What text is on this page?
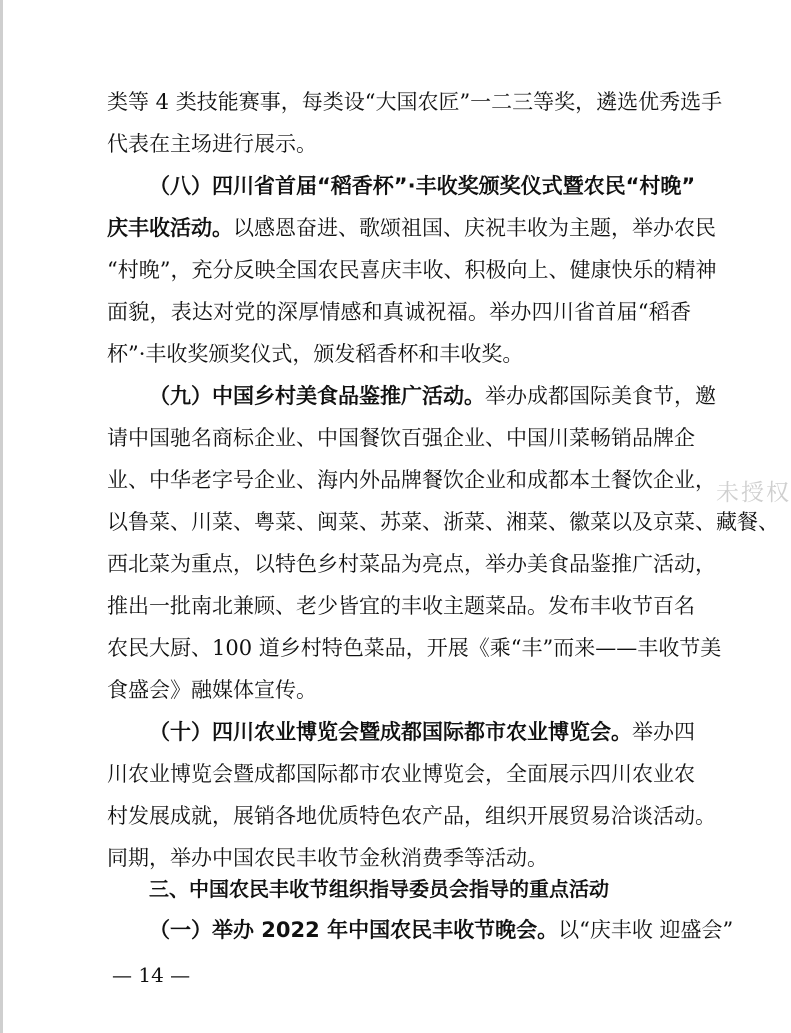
未授权
类等 4 类技能赛事，每类设“大国农匠”一二三等奖，遴选优秀选手
代表在主场进行展示。
（八）四川省首届“稻香杯”·丰收奖颁奖仪式暨农民“村晚”
庆丰收活动。以感恩奋进、歌颂祖国、庆祝丰收为主题，举办农民
“村晚”，充分反映全国农民喜庆丰收、积极向上、健康快乐的精神
面貌，表达对党的深厚情感和真诚祝福。举办四川省首届“稻香
杯”·丰收奖颁奖仪式，颁发稻香杯和丰收奖。
（九）中国乡村美食品鉴推广活动。举办成都国际美食节，邀
请中国驰名商标企业、中国餐饮百强企业、中国川菜畅销品牌企
业、中华老字号企业、海内外品牌餐饮企业和成都本土餐饮企业，
以鲁菜、川菜、粤菜、闽菜、苏菜、浙菜、湘菜、徽菜以及京菜、藏餐、
西北菜为重点，以特色乡村菜品为亮点，举办美食品鉴推广活动，
推出一批南北兼顾、老少皆宜的丰收主题菜品。发布丰收节百名
农民大厨、100 道乡村特色菜品，开展《乘“丰”而来——丰收节美
食盛会》融媒体宣传。
（十）四川农业博览会暨成都国际都市农业博览会。举办四
川农业博览会暨成都国际都市农业博览会，全面展示四川农业农
村发展成就，展销各地优质特色农产品，组织开展贸易洽谈活动。
同期，举办中国农民丰收节金秋消费季等活动。
三、中国农民丰收节组织指导委员会指导的重点活动
（一）举办 2022 年中国农民丰收节晚会。以“庆丰收 迎盛会”
— 14 —
